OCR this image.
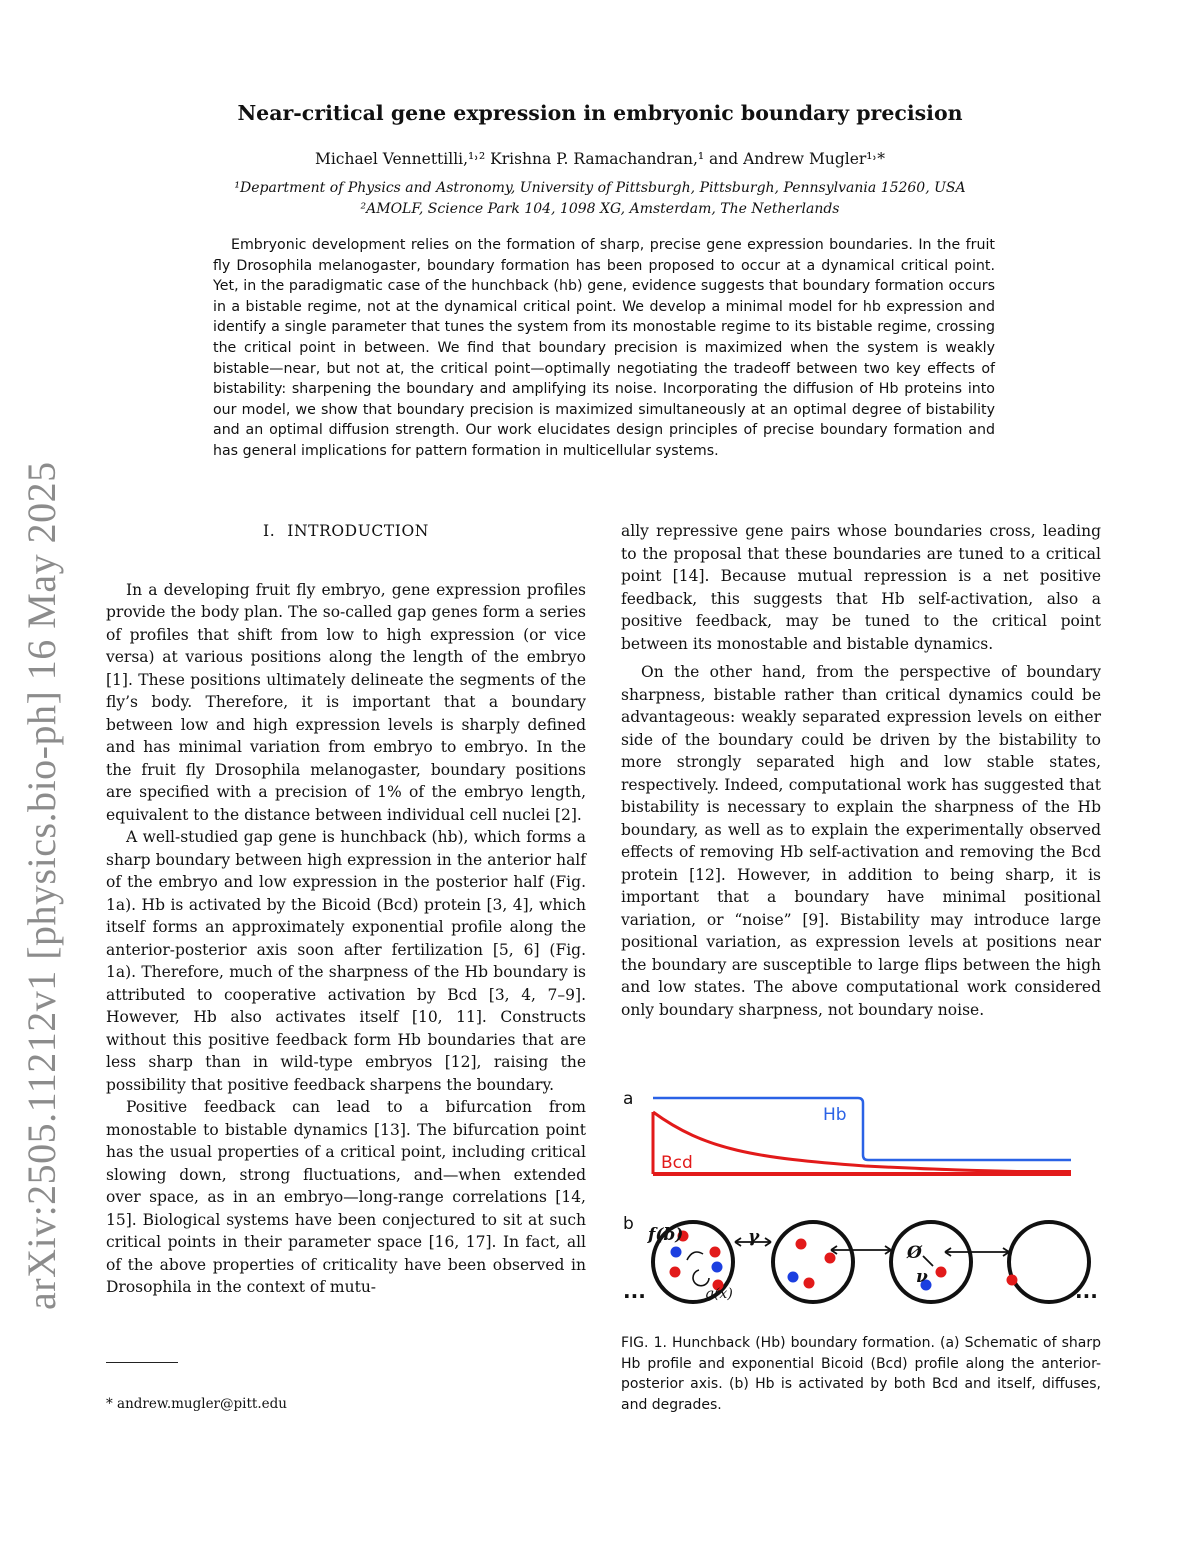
arXiv:2505.11212v1 [physics.bio-ph] 16 May 2025
Near-critical gene expression in embryonic boundary precision

Michael Vennettilli,¹˒² Krishna P. Ramachandran,¹ and Andrew Mugler¹˒*

¹Department of Physics and Astronomy, University of Pittsburgh, Pittsburgh, Pennsylvania 15260, USA

²AMOLF, Science Park 104, 1098 XG, Amsterdam, The Netherlands

Embryonic development relies on the formation of sharp, precise gene expression boundaries. In the fruit fly Drosophila melanogaster, boundary formation has been proposed to occur at a dynamical critical point. Yet, in the paradigmatic case of the hunchback (hb) gene, evidence suggests that boundary formation occurs in a bistable regime, not at the dynamical critical point. We develop a minimal model for hb expression and identify a single parameter that tunes the system from its monostable regime to its bistable regime, crossing the critical point in between. We find that boundary precision is maximized when the system is weakly bistable—near, but not at, the critical point—optimally negotiating the tradeoff between two key effects of bistability: sharpening the boundary and amplifying its noise. Incorporating the diffusion of Hb proteins into our model, we show that boundary precision is maximized simultaneously at an optimal degree of bistability and an optimal diffusion strength. Our work elucidates design principles of precise boundary formation and has general implications for pattern formation in multicellular systems.

I. INTRODUCTION

In a developing fruit fly embryo, gene expression profiles provide the body plan. The so-called gap genes form a series of profiles that shift from low to high expression (or vice versa) at various positions along the length of the embryo [1]. These positions ultimately delineate the segments of the fly’s body. Therefore, it is important that a boundary between low and high expression levels is sharply defined and has minimal variation from embryo to embryo. In the the fruit fly Drosophila melanogaster, boundary positions are specified with a precision of 1% of the embryo length, equivalent to the distance between individual cell nuclei [2].

A well-studied gap gene is hunchback (hb), which forms a sharp boundary between high expression in the anterior half of the embryo and low expression in the posterior half (Fig. 1a). Hb is activated by the Bicoid (Bcd) protein [3, 4], which itself forms an approximately exponential profile along the anterior-posterior axis soon after fertilization [5, 6] (Fig. 1a). Therefore, much of the sharpness of the Hb boundary is attributed to cooperative activation by Bcd [3, 4, 7–9]. However, Hb also activates itself [10, 11]. Constructs without this positive feedback form Hb boundaries that are less sharp than in wild-type embryos [12], raising the possibility that positive feedback sharpens the boundary.

Positive feedback can lead to a bifurcation from monostable to bistable dynamics [13]. The bifurcation point has the usual properties of a critical point, including critical slowing down, strong fluctuations, and—when extended over space, as in an embryo—long-range correlations [14, 15]. Biological systems have been conjectured to sit at such critical points in their parameter space [16, 17]. In fact, all of the above properties of criticality have been observed in Drosophila in the context of mutu-

ally repressive gene pairs whose boundaries cross, leading to the proposal that these boundaries are tuned to a critical point [14]. Because mutual repression is a net positive feedback, this suggests that Hb self-activation, also a positive feedback, may be tuned to the critical point between its monostable and bistable dynamics.

On the other hand, from the perspective of boundary sharpness, bistable rather than critical dynamics could be advantageous: weakly separated expression levels on either side of the boundary could be driven by the bistability to more strongly separated high and low stable states, respectively. Indeed, computational work has suggested that bistability is necessary to explain the sharpness of the Hb boundary, as well as to explain the experimentally observed effects of removing Hb self-activation and removing the Bcd protein [12]. However, in addition to being sharp, it is important that a boundary have minimal positional variation, or “noise” [9]. Bistability may introduce large positional variation, as expression levels at positions near the boundary are susceptible to large flips between the high and low states. The above computational work considered only boundary sharpness, not boundary noise.

a
Hb
Bcd
b
f(b)
g(x)
γ
Ø
ν
...	...

FIG. 1. Hunchback (Hb) boundary formation. (a) Schematic of sharp Hb profile and exponential Bicoid (Bcd) profile along the anterior-posterior axis. (b) Hb is activated by both Bcd and itself, diffuses, and degrades.

* andrew.mugler@pitt.edu
